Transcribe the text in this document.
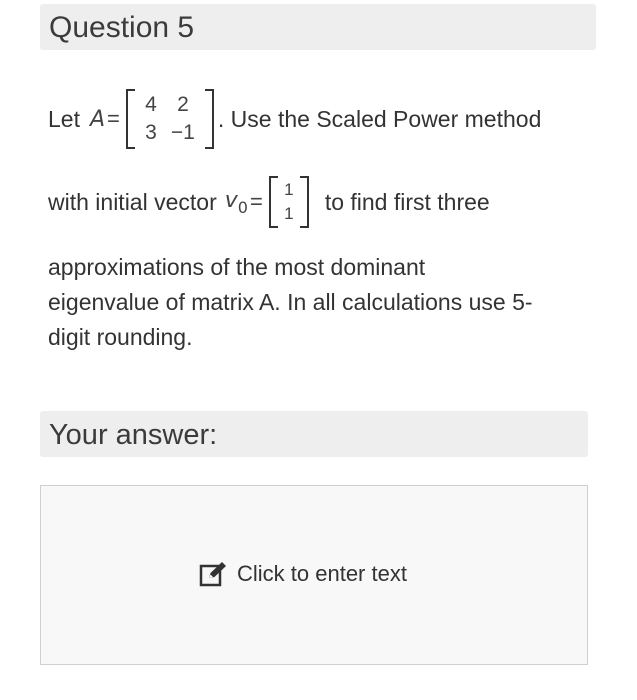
Question 5
Let A =
4 2
3 −1
. Use the Scaled Power method
with initial vector $v_0 = 1$
1 to find first three
approximations of the most dominant
eigenvalue of matrix A. In all calculations use 5-
digit rounding.
Your answer:
Click to enter text
